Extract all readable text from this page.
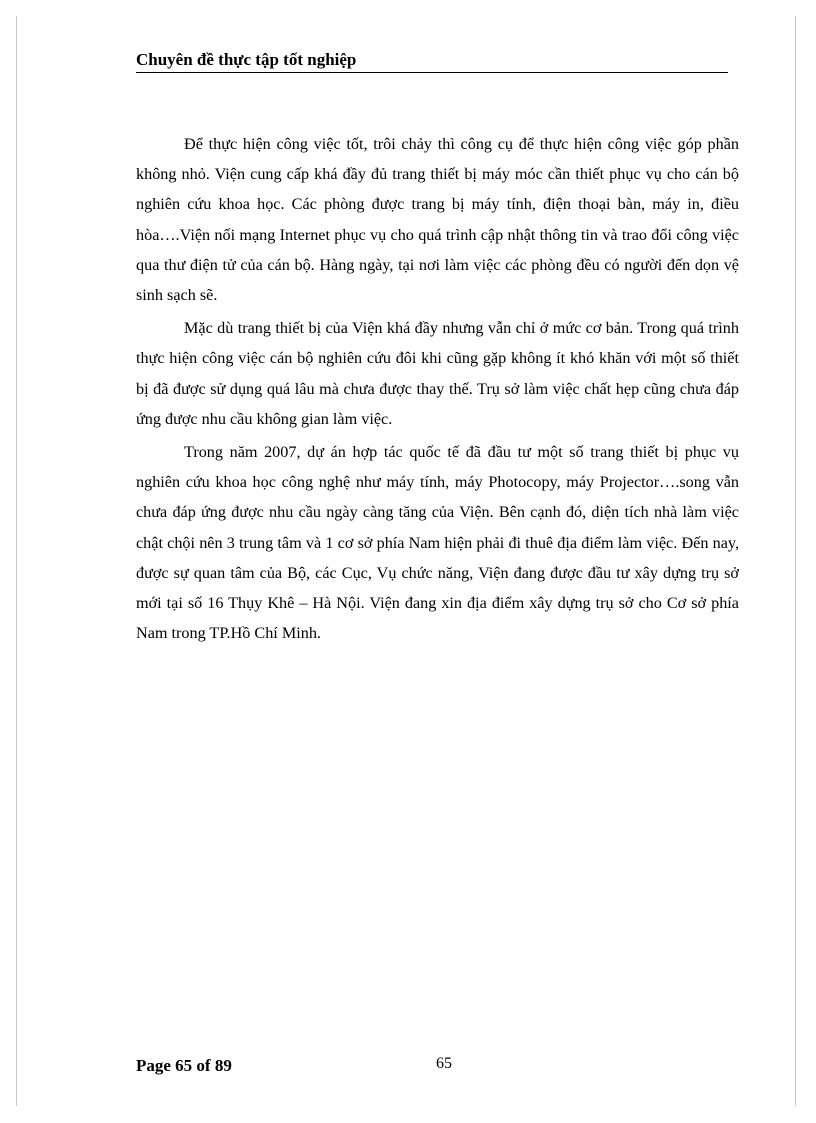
Chuyên đề thực tập tốt nghiệp

Để thực hiện công việc tốt, trôi chảy thì công cụ để thực hiện công việc góp phần không nhỏ. Viện cung cấp khá đầy đủ trang thiết bị máy móc cần thiết phục vụ cho cán bộ nghiên cứu khoa học. Các phòng được trang bị máy tính, điện thoại bàn, máy in, điều hòa….Viện nối mạng Internet phục vụ cho quá trình cập nhật thông tin và trao đổi công việc qua thư điện tử của cán bộ. Hàng ngày, tại nơi làm việc các phòng đều có người đến dọn vệ sinh sạch sẽ.

Mặc dù trang thiết bị của Viện khá đầy nhưng vẫn chỉ ở mức cơ bản. Trong quá trình thực hiện công việc cán bộ nghiên cứu đôi khi cũng gặp không ít khó khăn với một số thiết bị đã được sử dụng quá lâu mà chưa được thay thế. Trụ sở làm việc chất hẹp cũng chưa đáp ứng được nhu cầu không gian làm việc.

Trong năm 2007, dự án hợp tác quốc tế đã đầu tư một số trang thiết bị phục vụ nghiên cứu khoa học công nghệ như máy tính, máy Photocopy, máy Projector….song vẫn chưa đáp ứng được nhu cầu ngày càng tăng của Viện. Bên cạnh đó, diện tích nhà làm việc chật chội nên 3 trung tâm và 1 cơ sở phía Nam hiện phải đi thuê địa điểm làm việc. Đến nay, được sự quan tâm của Bộ, các Cục, Vụ chức năng, Viện đang được đầu tư xây dựng trụ sở mới tại số 16 Thụy Khê – Hà Nội. Viện đang xin địa điểm xây dựng trụ sở cho Cơ sở phía Nam trong TP.Hồ Chí Minh.

Page 65 of 89	65
